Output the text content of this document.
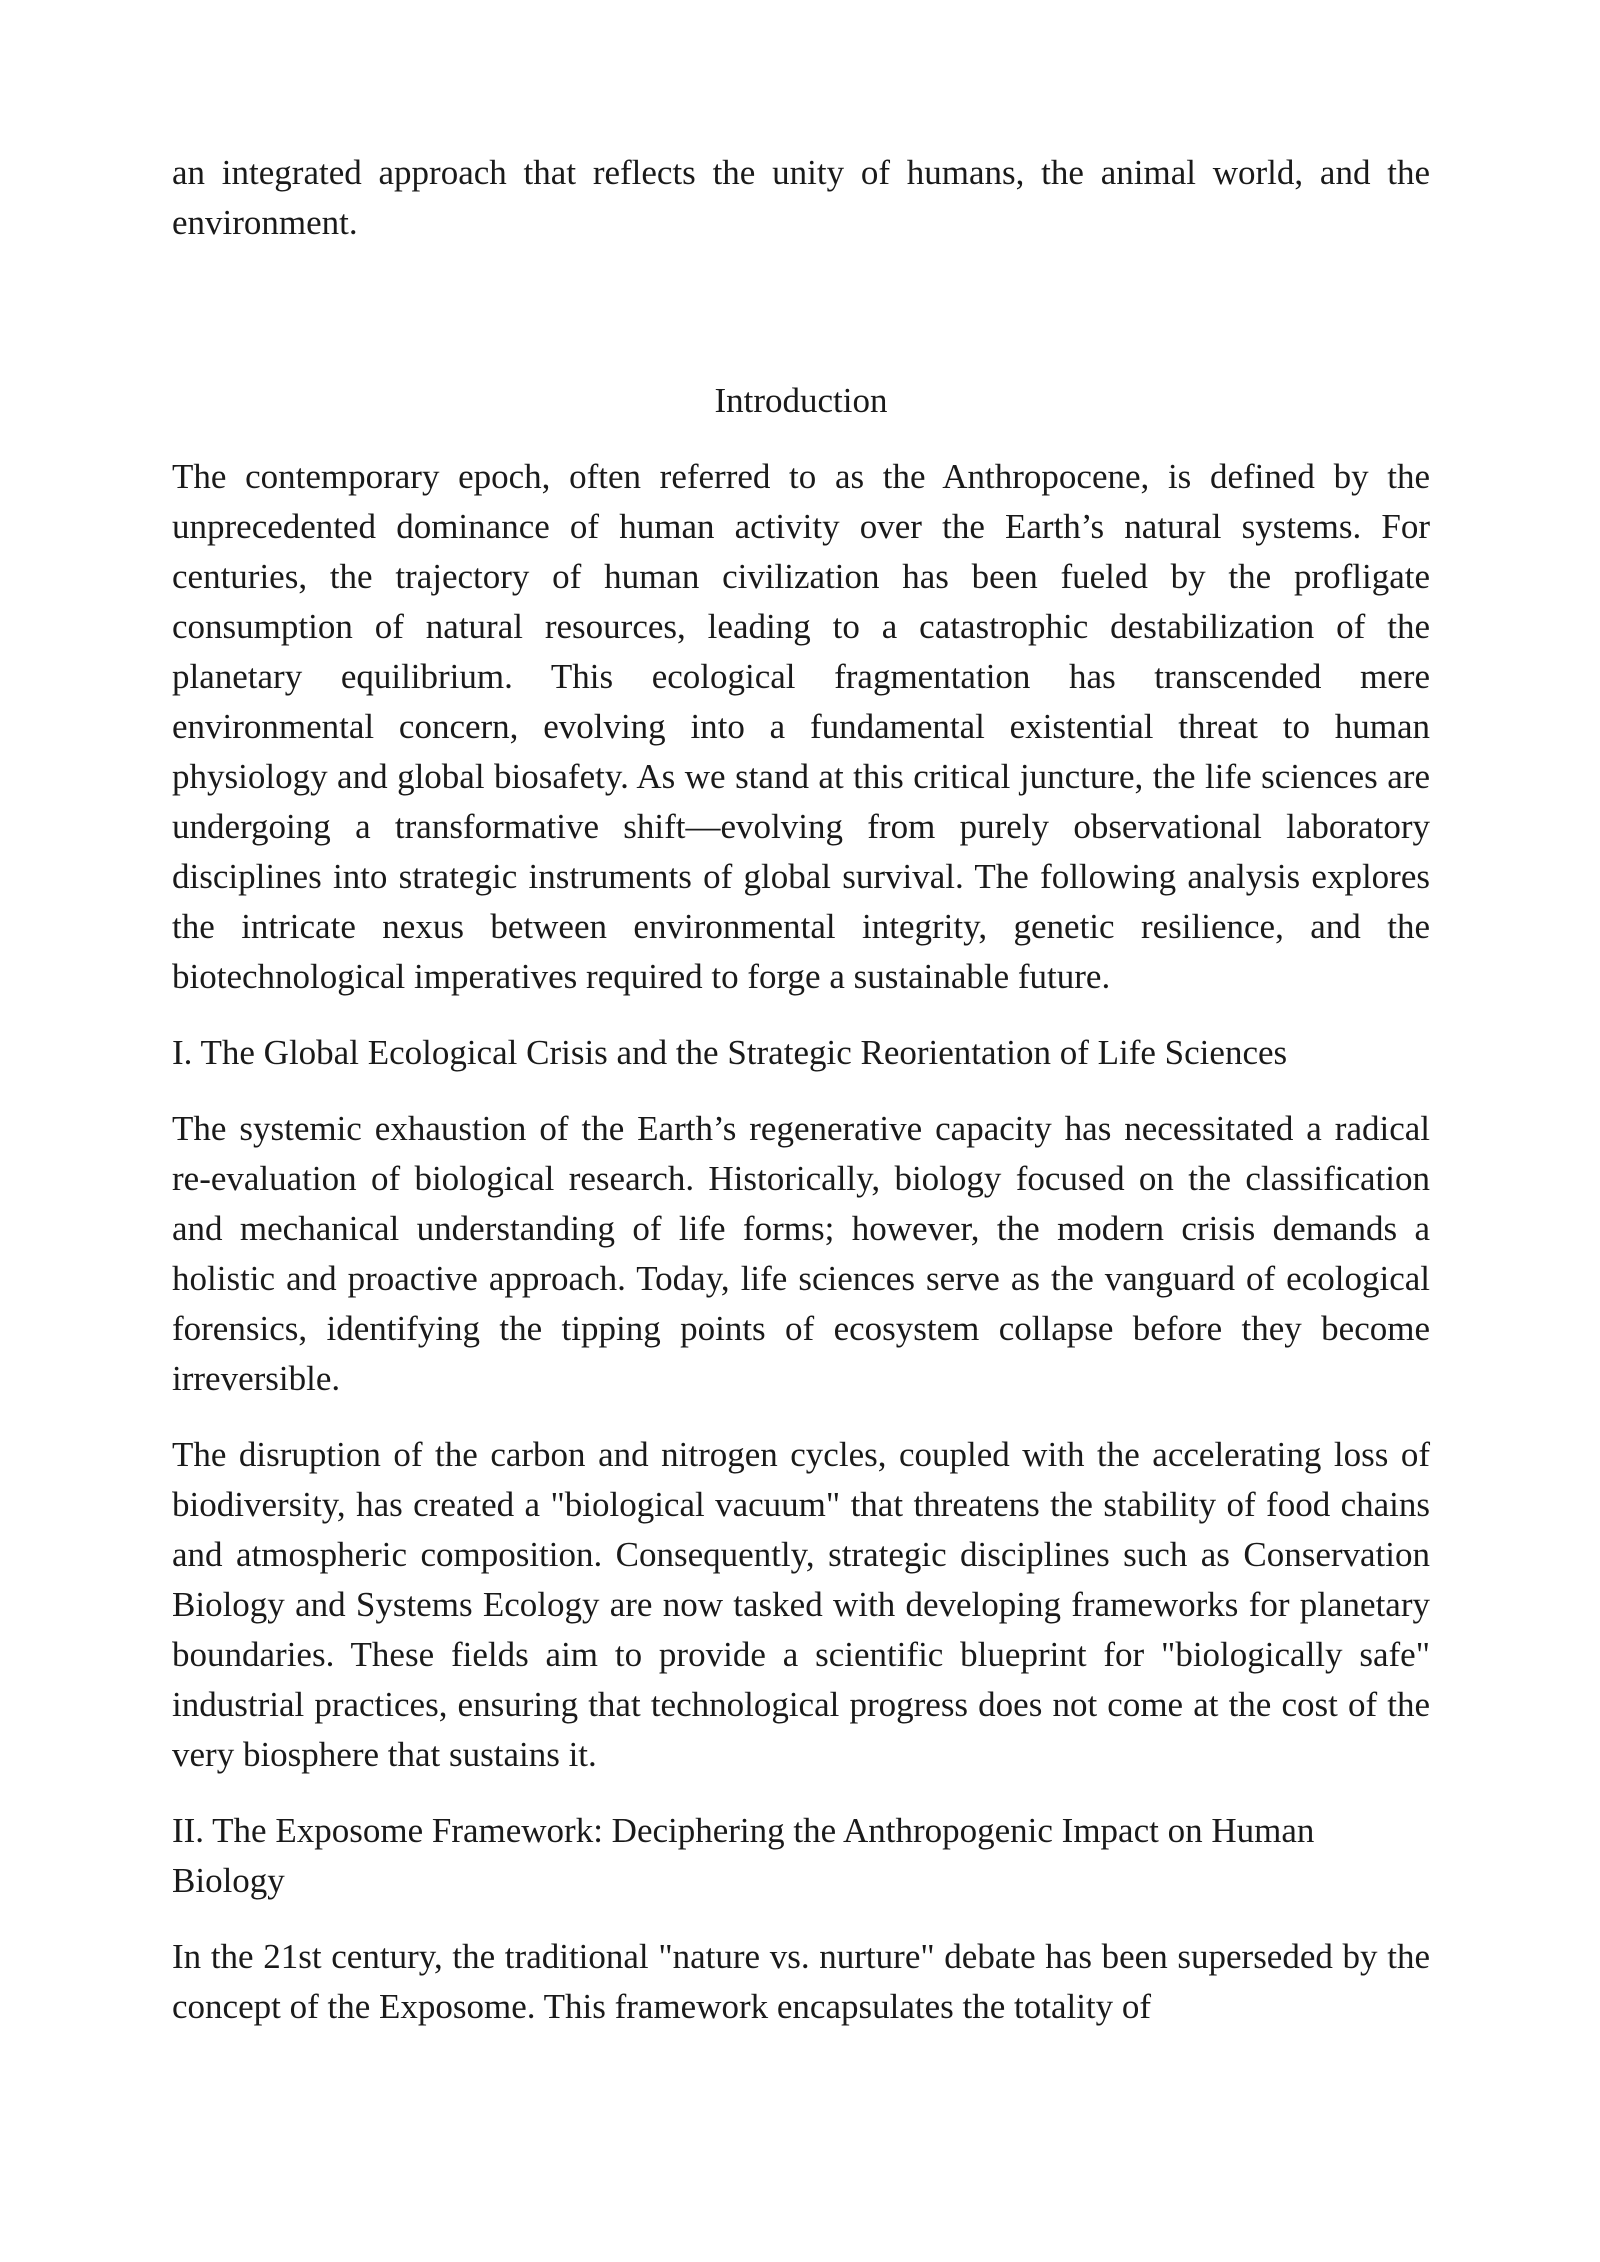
an integrated approach that reflects the unity of humans, the animal world, and the environment.

Introduction

The contemporary epoch, often referred to as the Anthropocene, is defined by the unprecedented dominance of human activity over the Earth’s natural systems. For centuries, the trajectory of human civilization has been fueled by the profligate consumption of natural resources, leading to a catastrophic destabilization of the planetary equilibrium. This ecological fragmentation has transcended mere environmental concern, evolving into a fundamental existential threat to human physiology and global biosafety. As we stand at this critical juncture, the life sciences are undergoing a transformative shift—evolving from purely observational laboratory disciplines into strategic instruments of global survival. The following analysis explores the intricate nexus between environmental integrity, genetic resilience, and the biotechnological imperatives required to forge a sustainable future.

I. The Global Ecological Crisis and the Strategic Reorientation of Life Sciences

The systemic exhaustion of the Earth’s regenerative capacity has necessitated a radical re-evaluation of biological research. Historically, biology focused on the classification and mechanical understanding of life forms; however, the modern crisis demands a holistic and proactive approach. Today, life sciences serve as the vanguard of ecological forensics, identifying the tipping points of ecosystem collapse before they become irreversible.

The disruption of the carbon and nitrogen cycles, coupled with the accelerating loss of biodiversity, has created a "biological vacuum" that threatens the stability of food chains and atmospheric composition. Consequently, strategic disciplines such as Conservation Biology and Systems Ecology are now tasked with developing frameworks for planetary boundaries. These fields aim to provide a scientific blueprint for "biologically safe" industrial practices, ensuring that technological progress does not come at the cost of the very biosphere that sustains it.

II. The Exposome Framework: Deciphering the Anthropogenic Impact on Human Biology

In the 21st century, the traditional "nature vs. nurture" debate has been superseded by the concept of the Exposome. This framework encapsulates the totality of
